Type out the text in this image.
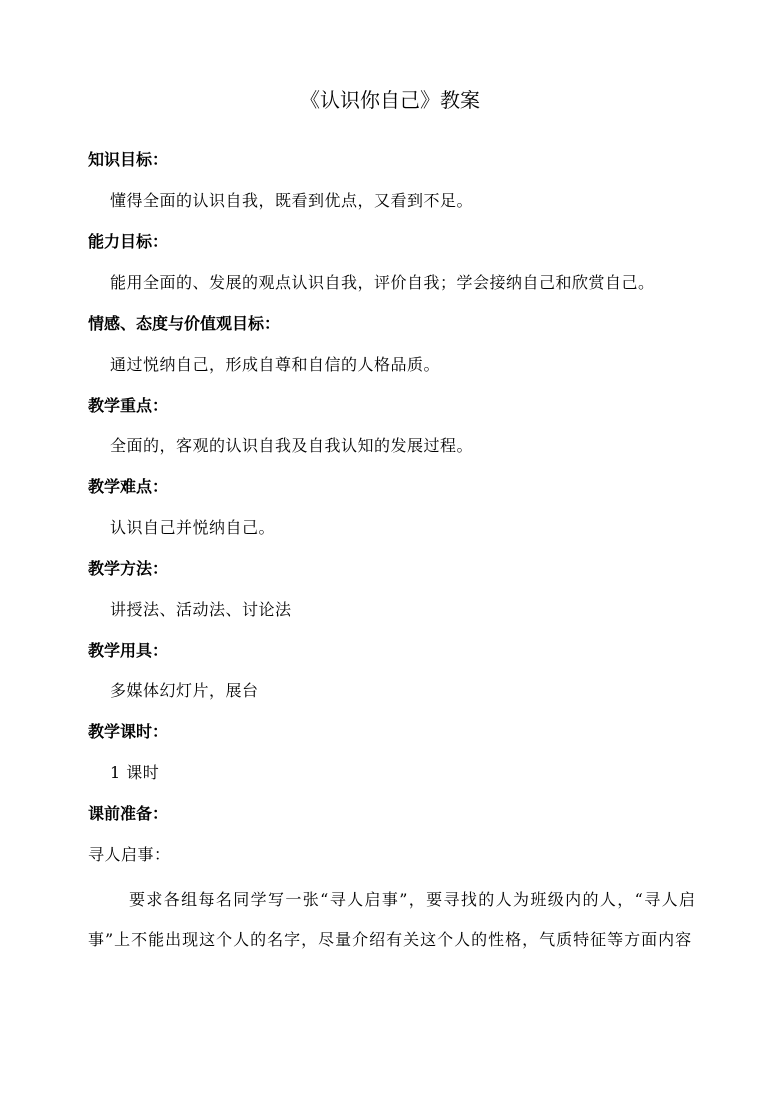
《认识你自己》教案
知识目标：
懂得全面的认识自我，既看到优点，又看到不足。
能力目标：
能用全面的、发展的观点认识自我，评价自我；学会接纳自己和欣赏自己。
情感、态度与价值观目标：
通过悦纳自己，形成自尊和自信的人格品质。
教学重点：
全面的，客观的认识自我及自我认知的发展过程。
教学难点：
认识自己并悦纳自己。
教学方法：
讲授法、活动法、讨论法
教学用具：
多媒体幻灯片，展台
教学课时：
1 课时
课前准备：
寻人启事：
要求各组每名同学写一张“寻人启事”，要寻找的人为班级内的人，“寻人启事”上不能出现这个人的名字，尽量介绍有关这个人的性格，气质特征等方面内容
